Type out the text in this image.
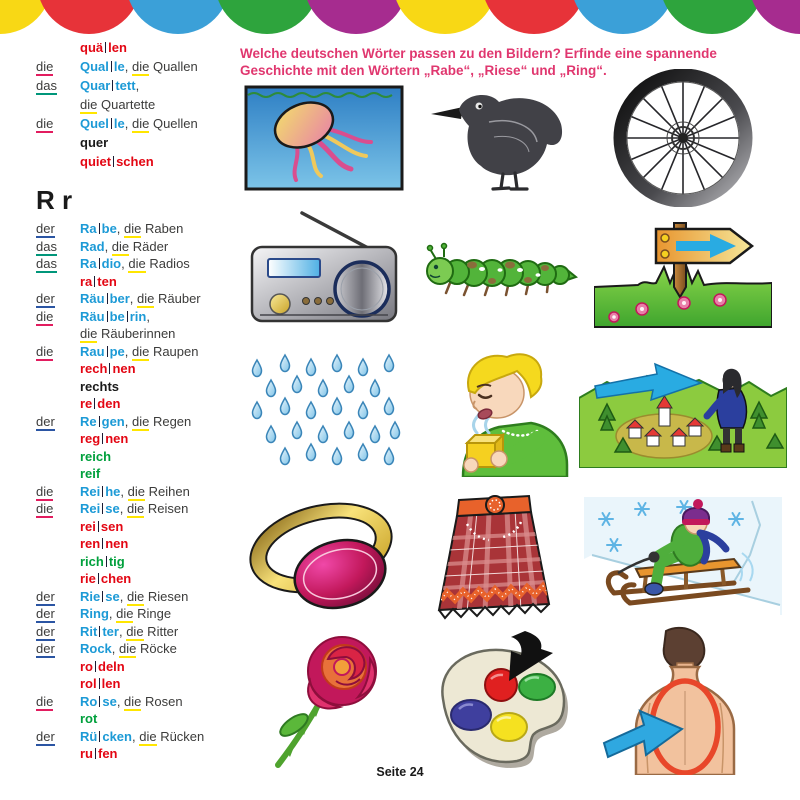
Welche deutschen Wörter passen zu den Bildern? Erfinde eine spannende
Geschichte mit den Wörtern „Rabe“, „Riese“ und „Ring“.
quä len
die	Qual le, die Quallen
das	Quar tett,
die Quartette
die	Quel le, die Quellen
quer
quiet schen
R r
der	Ra be, die Raben
das	Rad, die Räder
das	Ra dio, die Radios
ra ten
der	Räu ber, die Räuber
die	Räu be rin,
die Räuberinnen
die	Rau pe, die Raupen
rech nen
rechts
re den
der	Re gen, die Regen
reg nen
reich
reif
die	Rei he, die Reihen
die	Rei se, die Reisen
rei sen
ren nen
rich tig
rie chen
der	Rie se, die Riesen
der	Ring, die Ringe
der	Rit ter, die Ritter
der	Rock, die Röcke
ro deln
rol len
die	Ro se, die Rosen
rot
der	Rü cken, die Rücken
ru fen
Seite 24
